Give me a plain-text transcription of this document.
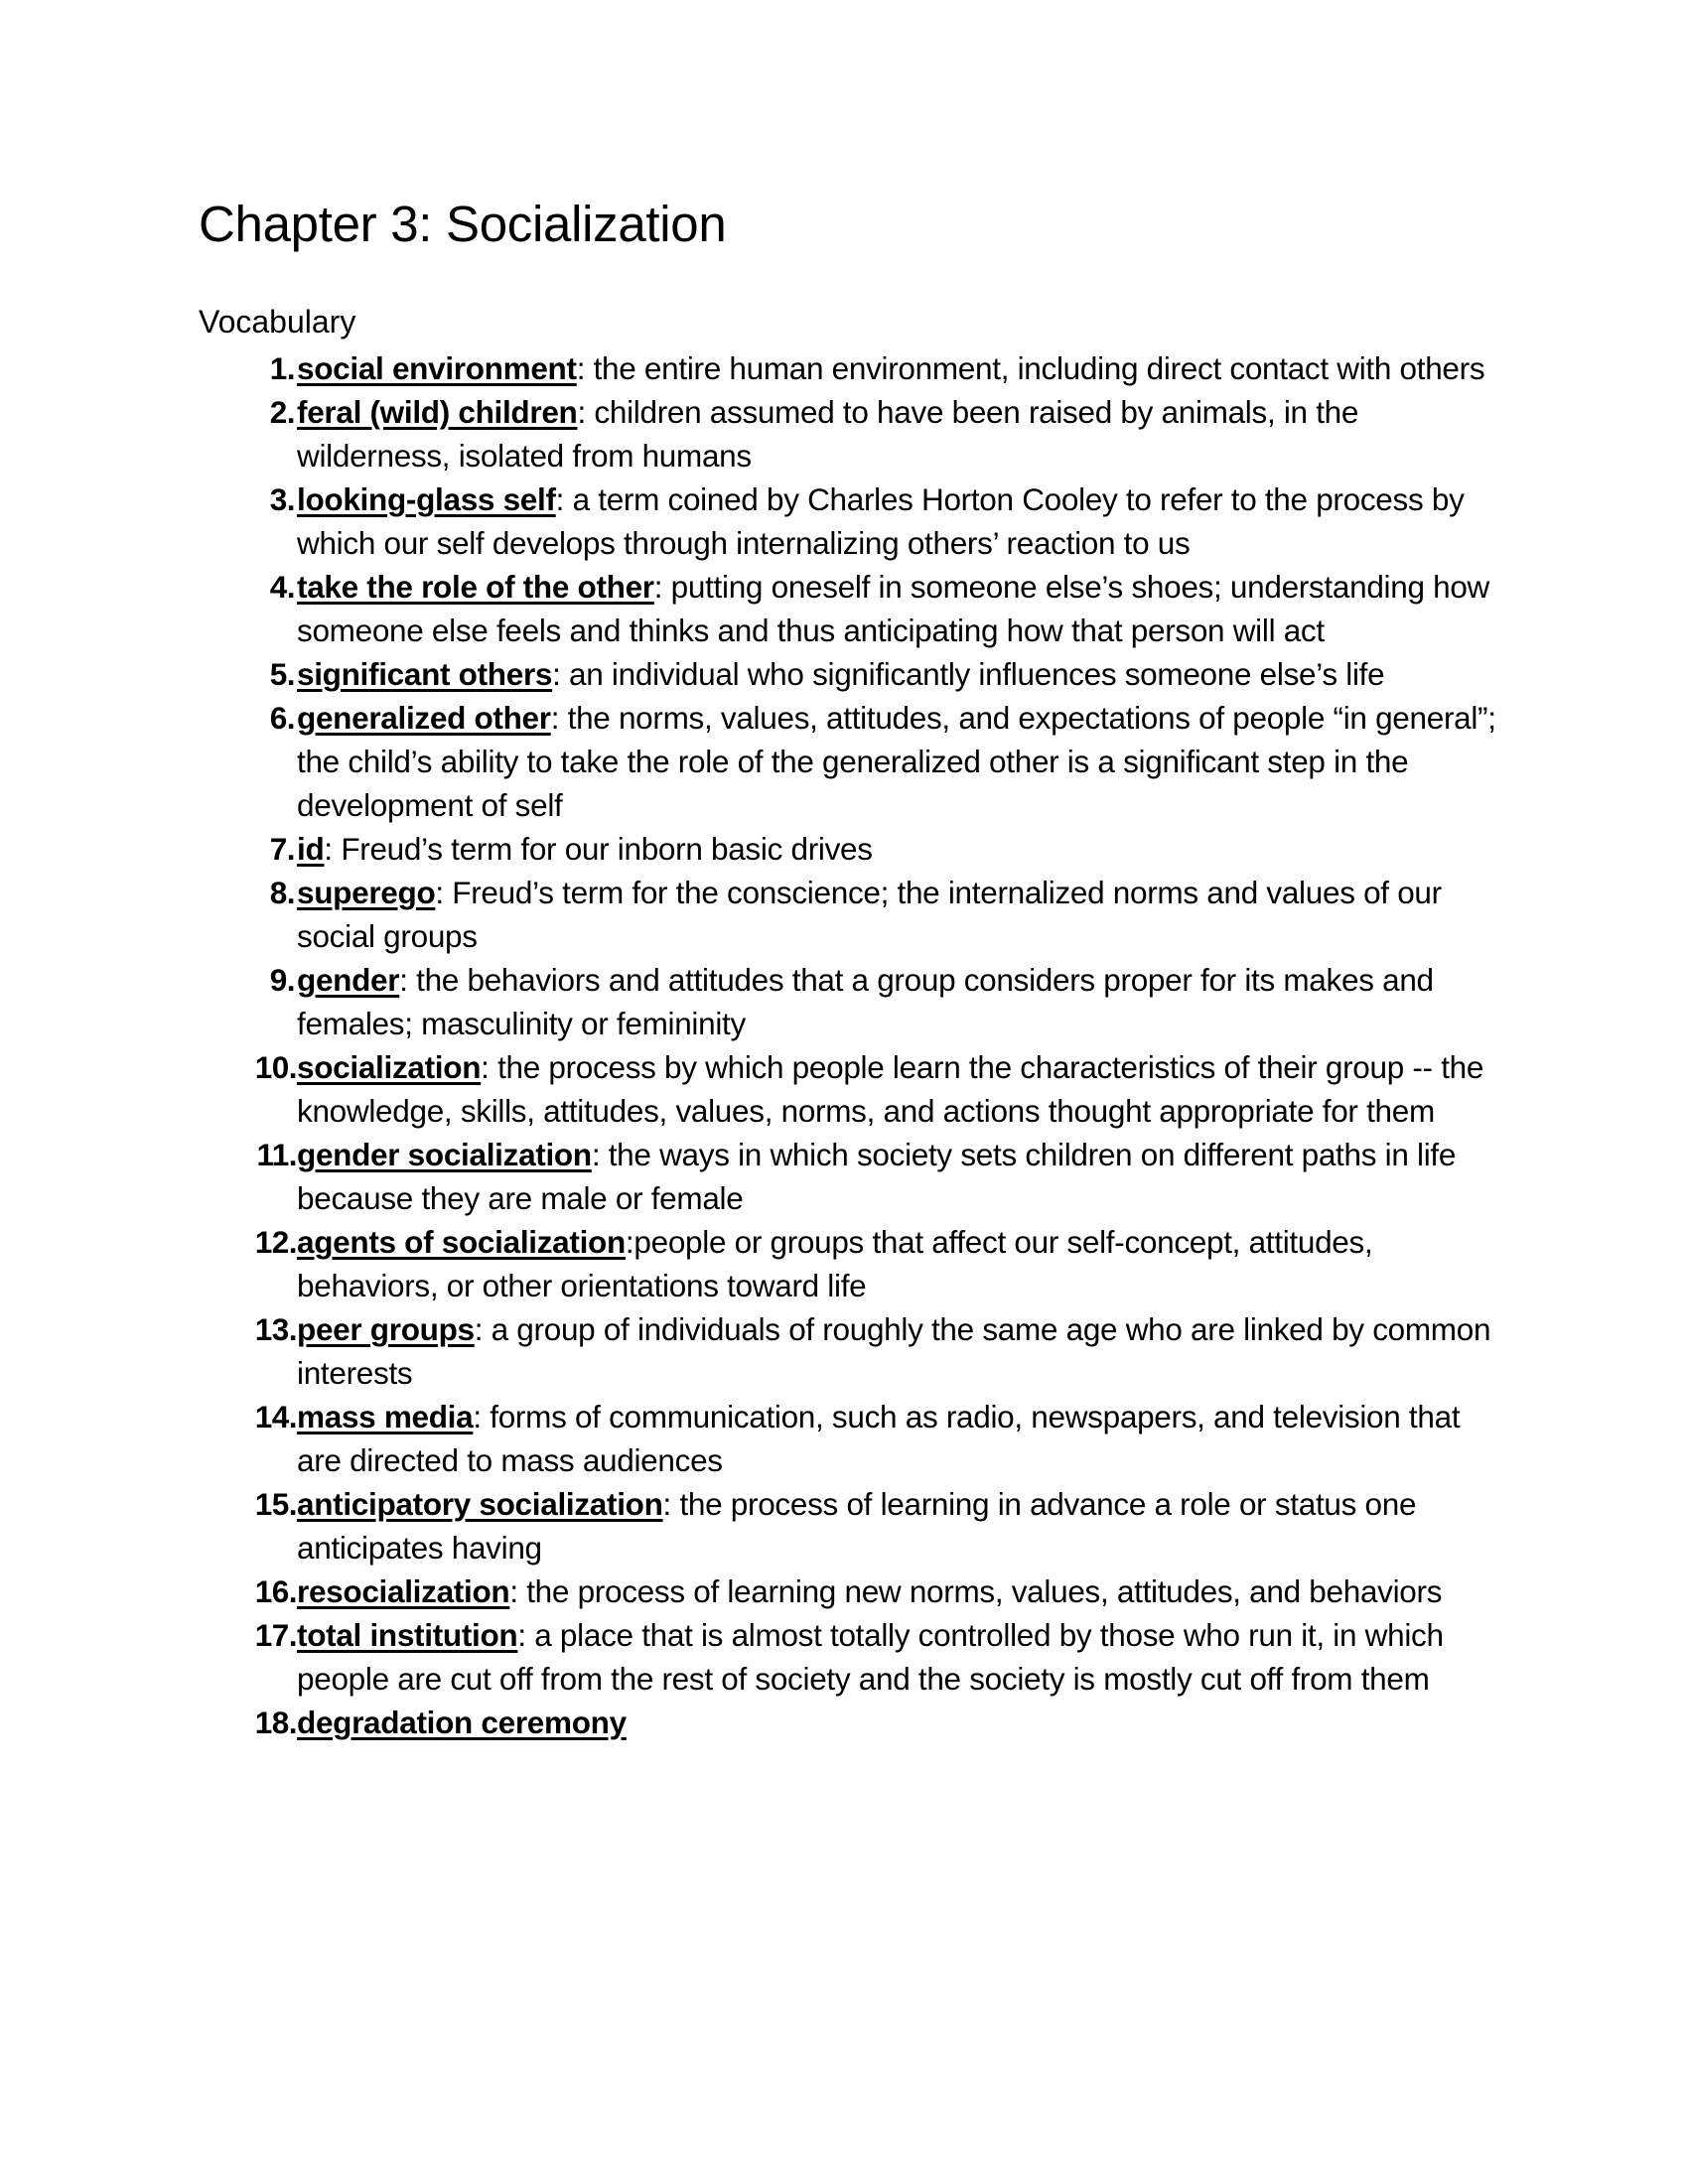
Chapter 3: Socialization

Vocabulary

1. social environment: the entire human environment, including direct contact with others
2. feral (wild) children: children assumed to have been raised by animals, in the wilderness, isolated from humans
3. looking-glass self: a term coined by Charles Horton Cooley to refer to the process by which our self develops through internalizing others’ reaction to us
4. take the role of the other: putting oneself in someone else’s shoes; understanding how someone else feels and thinks and thus anticipating how that person will act
5. significant others: an individual who significantly influences someone else’s life
6. generalized other: the norms, values, attitudes, and expectations of people “in general”; the child’s ability to take the role of the generalized other is a significant step in the development of self
7. id: Freud’s term for our inborn basic drives
8. superego: Freud’s term for the conscience; the internalized norms and values of our social groups
9. gender: the behaviors and attitudes that a group considers proper for its makes and females; masculinity or femininity
10. socialization: the process by which people learn the characteristics of their group -- the knowledge, skills, attitudes, values, norms, and actions thought appropriate for them
11. gender socialization: the ways in which society sets children on different paths in life because they are male or female
12. agents of socialization:people or groups that affect our self-concept, attitudes, behaviors, or other orientations toward life
13. peer groups: a group of individuals of roughly the same age who are linked by common interests
14. mass media: forms of communication, such as radio, newspapers, and television that are directed to mass audiences
15. anticipatory socialization: the process of learning in advance a role or status one anticipates having
16. resocialization: the process of learning new norms, values, attitudes, and behaviors
17. total institution: a place that is almost totally controlled by those who run it, in which people are cut off from the rest of society and the society is mostly cut off from them
18. degradation ceremony
